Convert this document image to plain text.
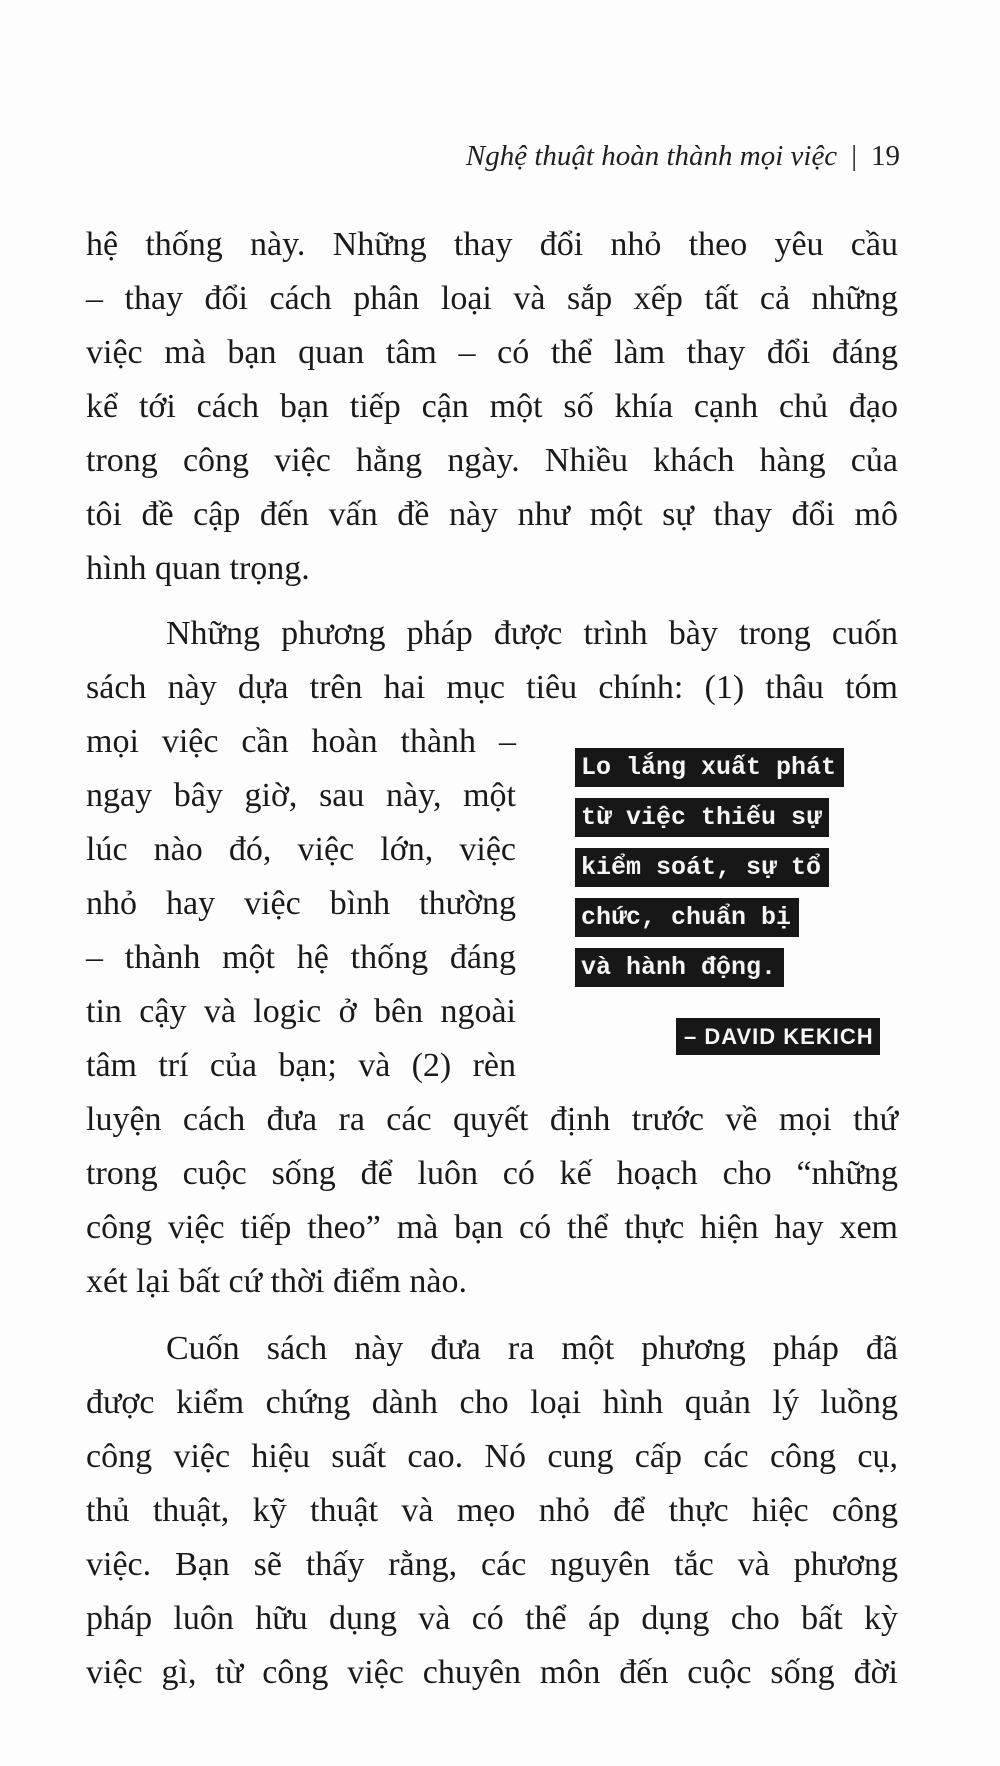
Nghệ thuật hoàn thành mọi việc | 19
hệ thống này. Những thay đổi nhỏ theo yêu cầu
– thay đổi cách phân loại và sắp xếp tất cả những
việc mà bạn quan tâm – có thể làm thay đổi đáng
kể tới cách bạn tiếp cận một số khía cạnh chủ đạo
trong công việc hằng ngày. Nhiều khách hàng của
tôi đề cập đến vấn đề này như một sự thay đổi mô
hình quan trọng.
Những phương pháp được trình bày trong cuốn
sách này dựa trên hai mục tiêu chính: (1) thâu tóm
mọi việc cần hoàn thành –
ngay bây giờ, sau này, một
lúc nào đó, việc lớn, việc
nhỏ hay việc bình thường
– thành một hệ thống đáng
tin cậy và logic ở bên ngoài
tâm trí của bạn; và (2) rèn
luyện cách đưa ra các quyết định trước về mọi thứ
trong cuộc sống để luôn có kế hoạch cho “những
công việc tiếp theo” mà bạn có thể thực hiện hay xem
xét lại bất cứ thời điểm nào.
Cuốn sách này đưa ra một phương pháp đã
được kiểm chứng dành cho loại hình quản lý luồng
công việc hiệu suất cao. Nó cung cấp các công cụ,
thủ thuật, kỹ thuật và mẹo nhỏ để thực hiệc công
việc. Bạn sẽ thấy rằng, các nguyên tắc và phương
pháp luôn hữu dụng và có thể áp dụng cho bất kỳ
việc gì, từ công việc chuyên môn đến cuộc sống đời
Lo lắng xuất phát
từ việc thiếu sự
kiểm soát, sự tổ
chức, chuẩn bị
và hành động.
– DAVID KEKICH
